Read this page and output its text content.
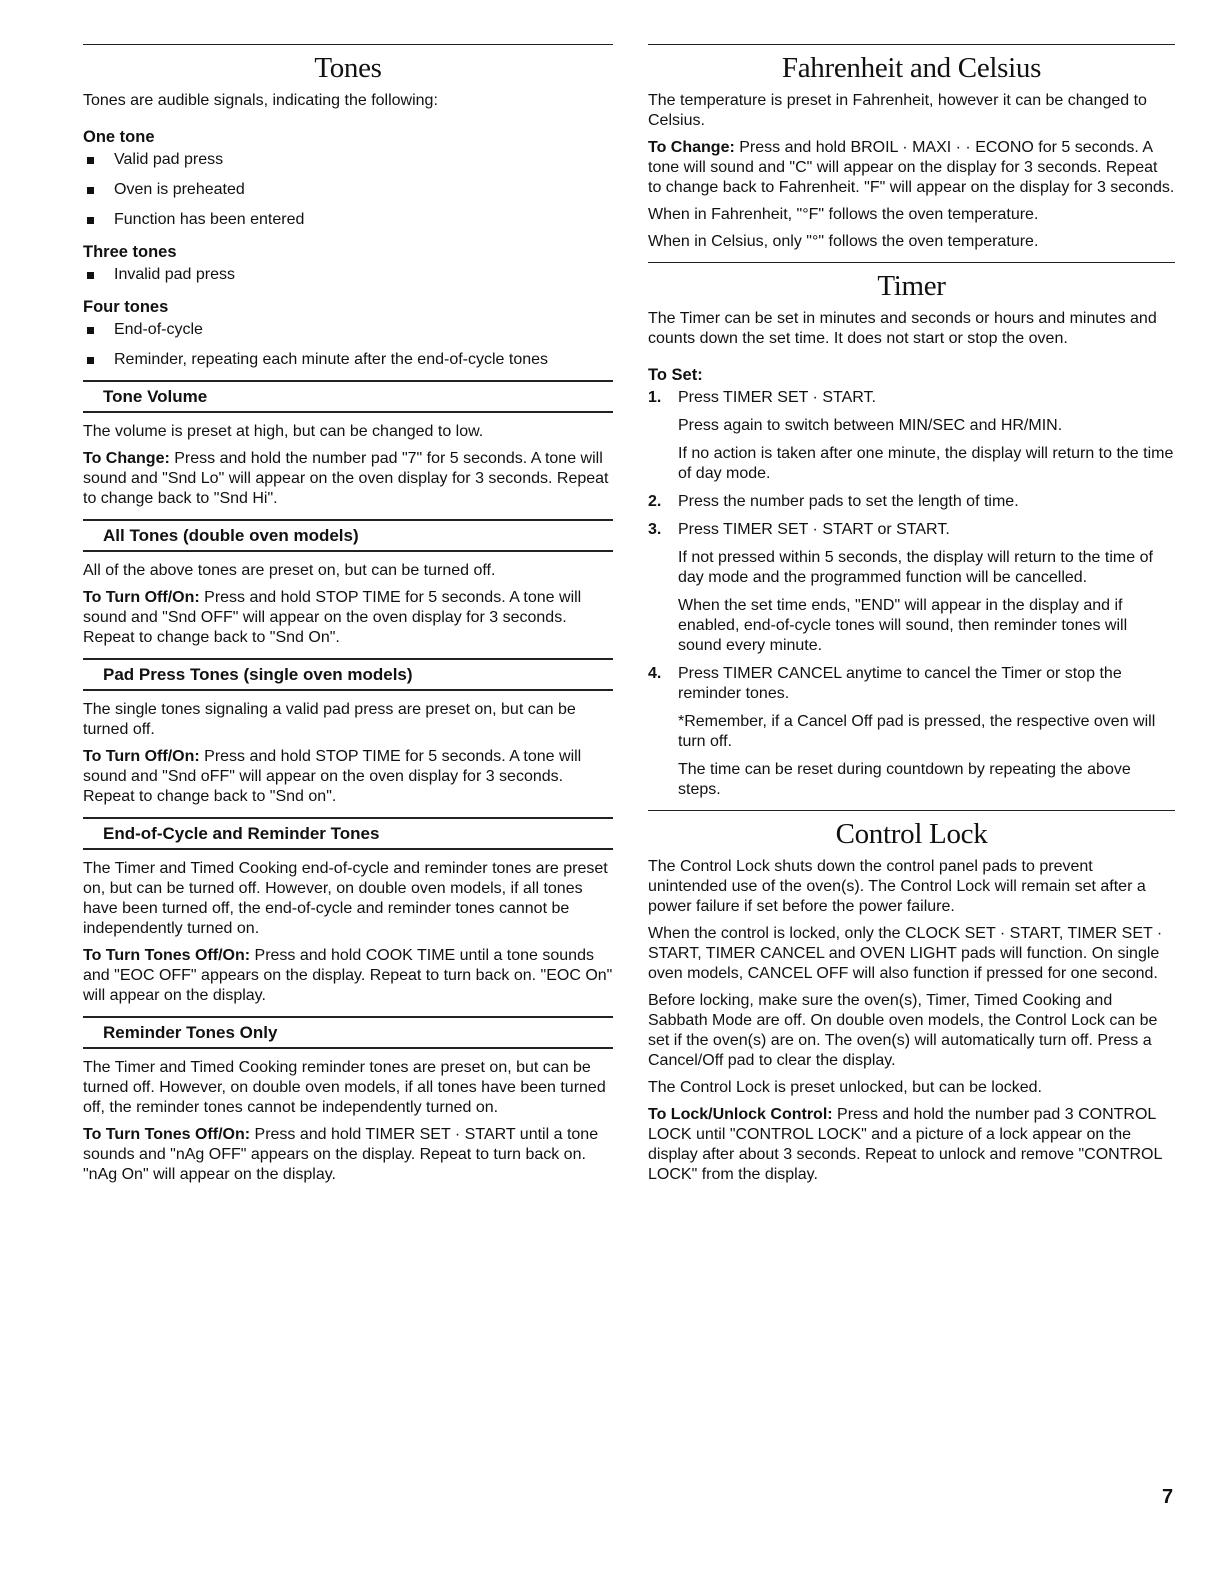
Tones

Tones are audible signals, indicating the following:

One tone
Valid pad press
Oven is preheated
Function has been entered
Three tones
Invalid pad press
Four tones
End-of-cycle
Reminder, repeating each minute after the end-of-cycle tones
Tone Volume

The volume is preset at high, but can be changed to low.

To Change: Press and hold the number pad "7" for 5 seconds. A tone will sound and "Snd Lo" will appear on the oven display for 3 seconds. Repeat to change back to "Snd Hi".

All Tones (double oven models)

All of the above tones are preset on, but can be turned off.

To Turn Off/On: Press and hold STOP TIME for 5 seconds. A tone will sound and "Snd OFF" will appear on the oven display for 3 seconds. Repeat to change back to "Snd On".

Pad Press Tones (single oven models)

The single tones signaling a valid pad press are preset on, but can be turned off.

To Turn Off/On: Press and hold STOP TIME for 5 seconds. A tone will sound and "Snd oFF" will appear on the oven display for 3 seconds. Repeat to change back to "Snd on".

End-of-Cycle and Reminder Tones

The Timer and Timed Cooking end-of-cycle and reminder tones are preset on, but can be turned off. However, on double oven models, if all tones have been turned off, the end-of-cycle and reminder tones cannot be independently turned on.

To Turn Tones Off/On: Press and hold COOK TIME until a tone sounds and "EOC OFF" appears on the display. Repeat to turn back on. "EOC On" will appear on the display.

Reminder Tones Only

The Timer and Timed Cooking reminder tones are preset on, but can be turned off. However, on double oven models, if all tones have been turned off, the reminder tones cannot be independently turned on.

To Turn Tones Off/On: Press and hold TIMER SET · START until a tone sounds and "nAg OFF" appears on the display. Repeat to turn back on. "nAg On" will appear on the display.

Fahrenheit and Celsius

The temperature is preset in Fahrenheit, however it can be changed to Celsius.

To Change: Press and hold BROIL · MAXI · · ECONO for 5 seconds. A tone will sound and "C" will appear on the display for 3 seconds. Repeat to change back to Fahrenheit. "F" will appear on the display for 3 seconds.

When in Fahrenheit, "°F" follows the oven temperature.

When in Celsius, only "°" follows the oven temperature.

Timer

The Timer can be set in minutes and seconds or hours and minutes and counts down the set time. It does not start or stop the oven.

To Set:
1. Press TIMER SET · START.

Press again to switch between MIN/SEC and HR/MIN.

If no action is taken after one minute, the display will return to the time of day mode.

2. Press the number pads to set the length of time.

3. Press TIMER SET · START or START.

If not pressed within 5 seconds, the display will return to the time of day mode and the programmed function will be cancelled.

When the set time ends, "END" will appear in the display and if enabled, end-of-cycle tones will sound, then reminder tones will sound every minute.

4. Press TIMER CANCEL anytime to cancel the Timer or stop the reminder tones.

*Remember, if a Cancel Off pad is pressed, the respective oven will turn off.

The time can be reset during countdown by repeating the above steps.

Control Lock

The Control Lock shuts down the control panel pads to prevent unintended use of the oven(s). The Control Lock will remain set after a power failure if set before the power failure.

When the control is locked, only the CLOCK SET · START, TIMER SET · START, TIMER CANCEL and OVEN LIGHT pads will function. On single oven models, CANCEL OFF will also function if pressed for one second.

Before locking, make sure the oven(s), Timer, Timed Cooking and Sabbath Mode are off. On double oven models, the Control Lock can be set if the oven(s) are on. The oven(s) will automatically turn off. Press a Cancel/Off pad to clear the display.

The Control Lock is preset unlocked, but can be locked.

To Lock/Unlock Control: Press and hold the number pad 3 CONTROL LOCK until "CONTROL LOCK" and a picture of a lock appear on the display after about 3 seconds. Repeat to unlock and remove "CONTROL LOCK" from the display.

7
